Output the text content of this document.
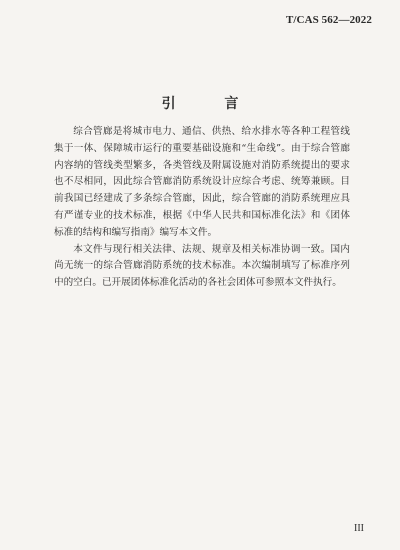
T/CAS 562—2022
引 言

综合管廊是将城市电力、通信、供热、给水排水等各种工程管线集于一体、保障城市运行的重要基础设施和“生命线”。由于综合管廊内容纳的管线类型繁多，各类管线及附属设施对消防系统提出的要求也不尽相同，因此综合管廊消防系统设计应综合考虑、统筹兼顾。目前我国已经建成了多条综合管廊，因此，综合管廊的消防系统理应具有严谨专业的技术标准，根据《中华人民共和国标准化法》和《团体标准的结构和编写指南》编写本文件。

本文件与现行相关法律、法规、规章及相关标准协调一致。国内尚无统一的综合管廊消防系统的技术标准。本次编制填写了标准序列中的空白。已开展团体标准化活动的各社会团体可参照本文件执行。

III
